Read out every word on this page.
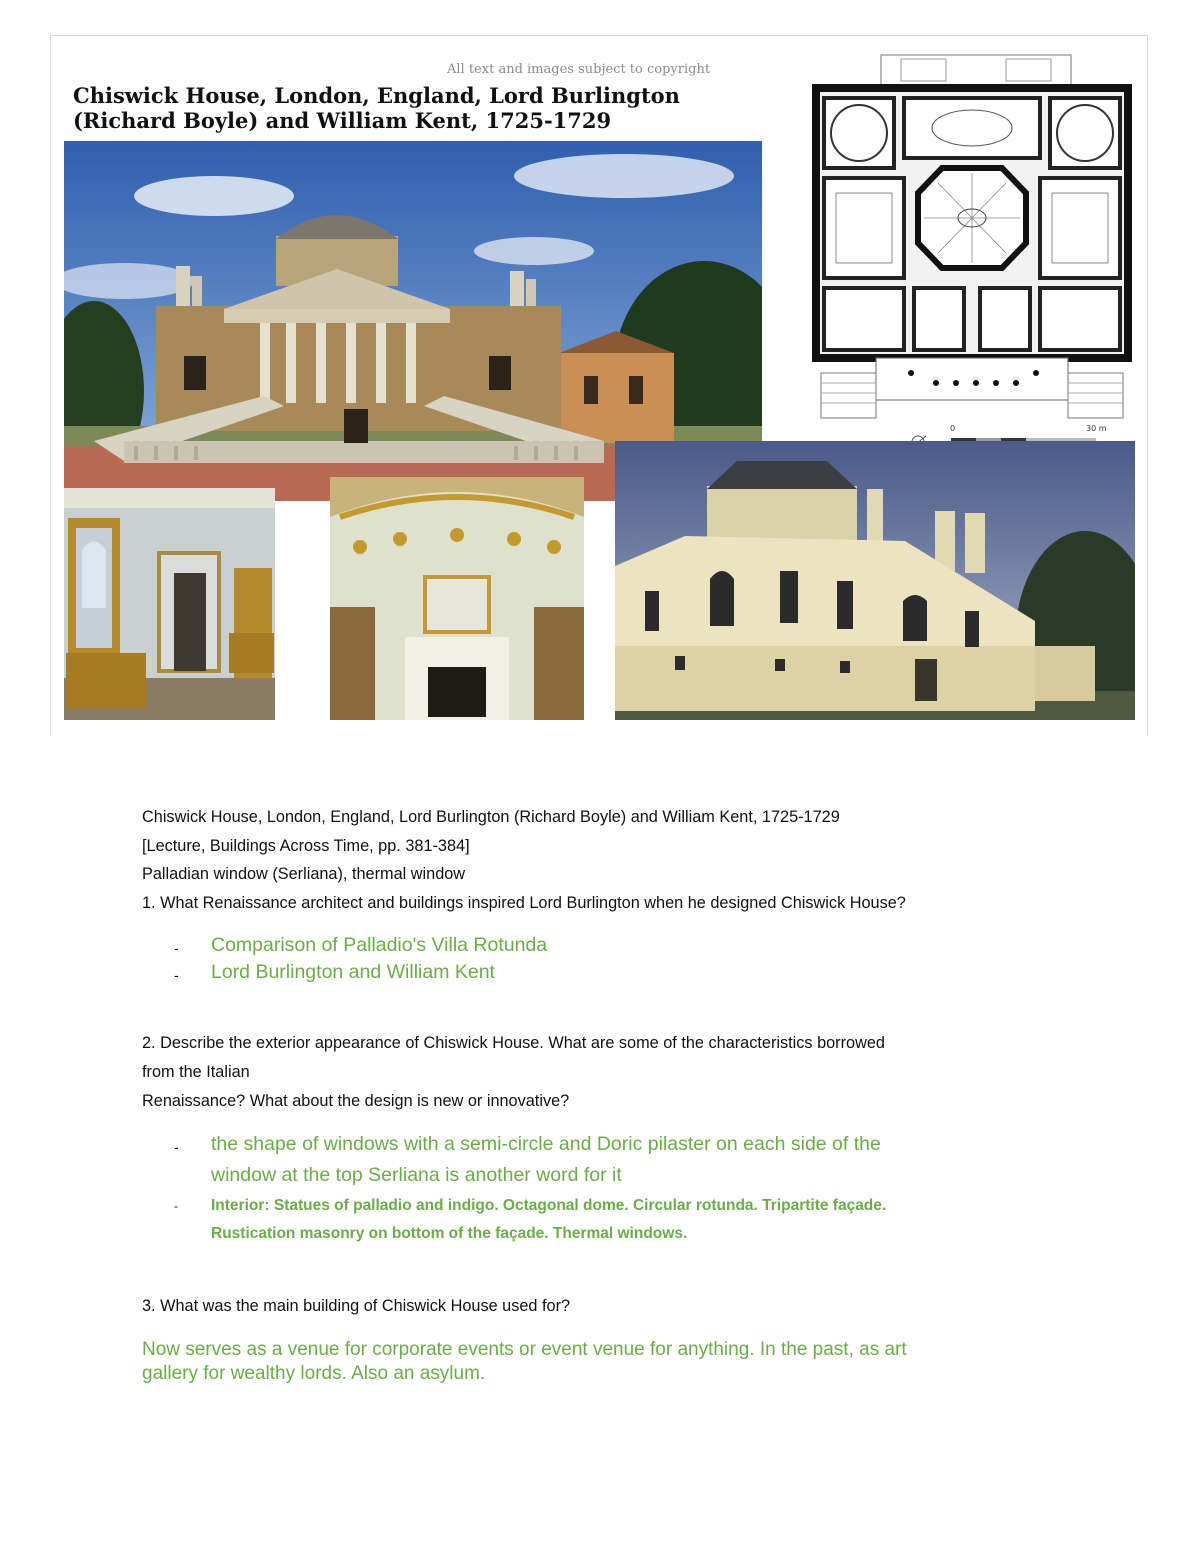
All text and images subject to copyright
Chiswick House, London, England, Lord Burlington
(Richard Boyle) and William Kent, 1725-1729
0	30 m
Chiswick House, London, England, Lord Burlington (Richard Boyle) and William Kent, 1725-1729
[Lecture, Buildings Across Time, pp. 381-384]
Palladian window (Serliana), thermal window
1. What Renaissance architect and buildings inspired Lord Burlington when he designed Chiswick House?
- Comparison of Palladio's Villa Rotunda
- Lord Burlington and William Kent
2. Describe the exterior appearance of Chiswick House. What are some of the characteristics borrowed
from the Italian
Renaissance? What about the design is new or innovative?
- the shape of windows with a semi-circle and Doric pilaster on each side of the
window at the top Serliana is another word for it
- Interior: Statues of palladio and indigo. Octagonal dome. Circular rotunda. Tripartite façade.
Rustication masonry on bottom of the façade. Thermal windows.
3. What was the main building of Chiswick House used for?
Now serves as a venue for corporate events or event venue for anything. In the past, as art
gallery for wealthy lords. Also an asylum.
